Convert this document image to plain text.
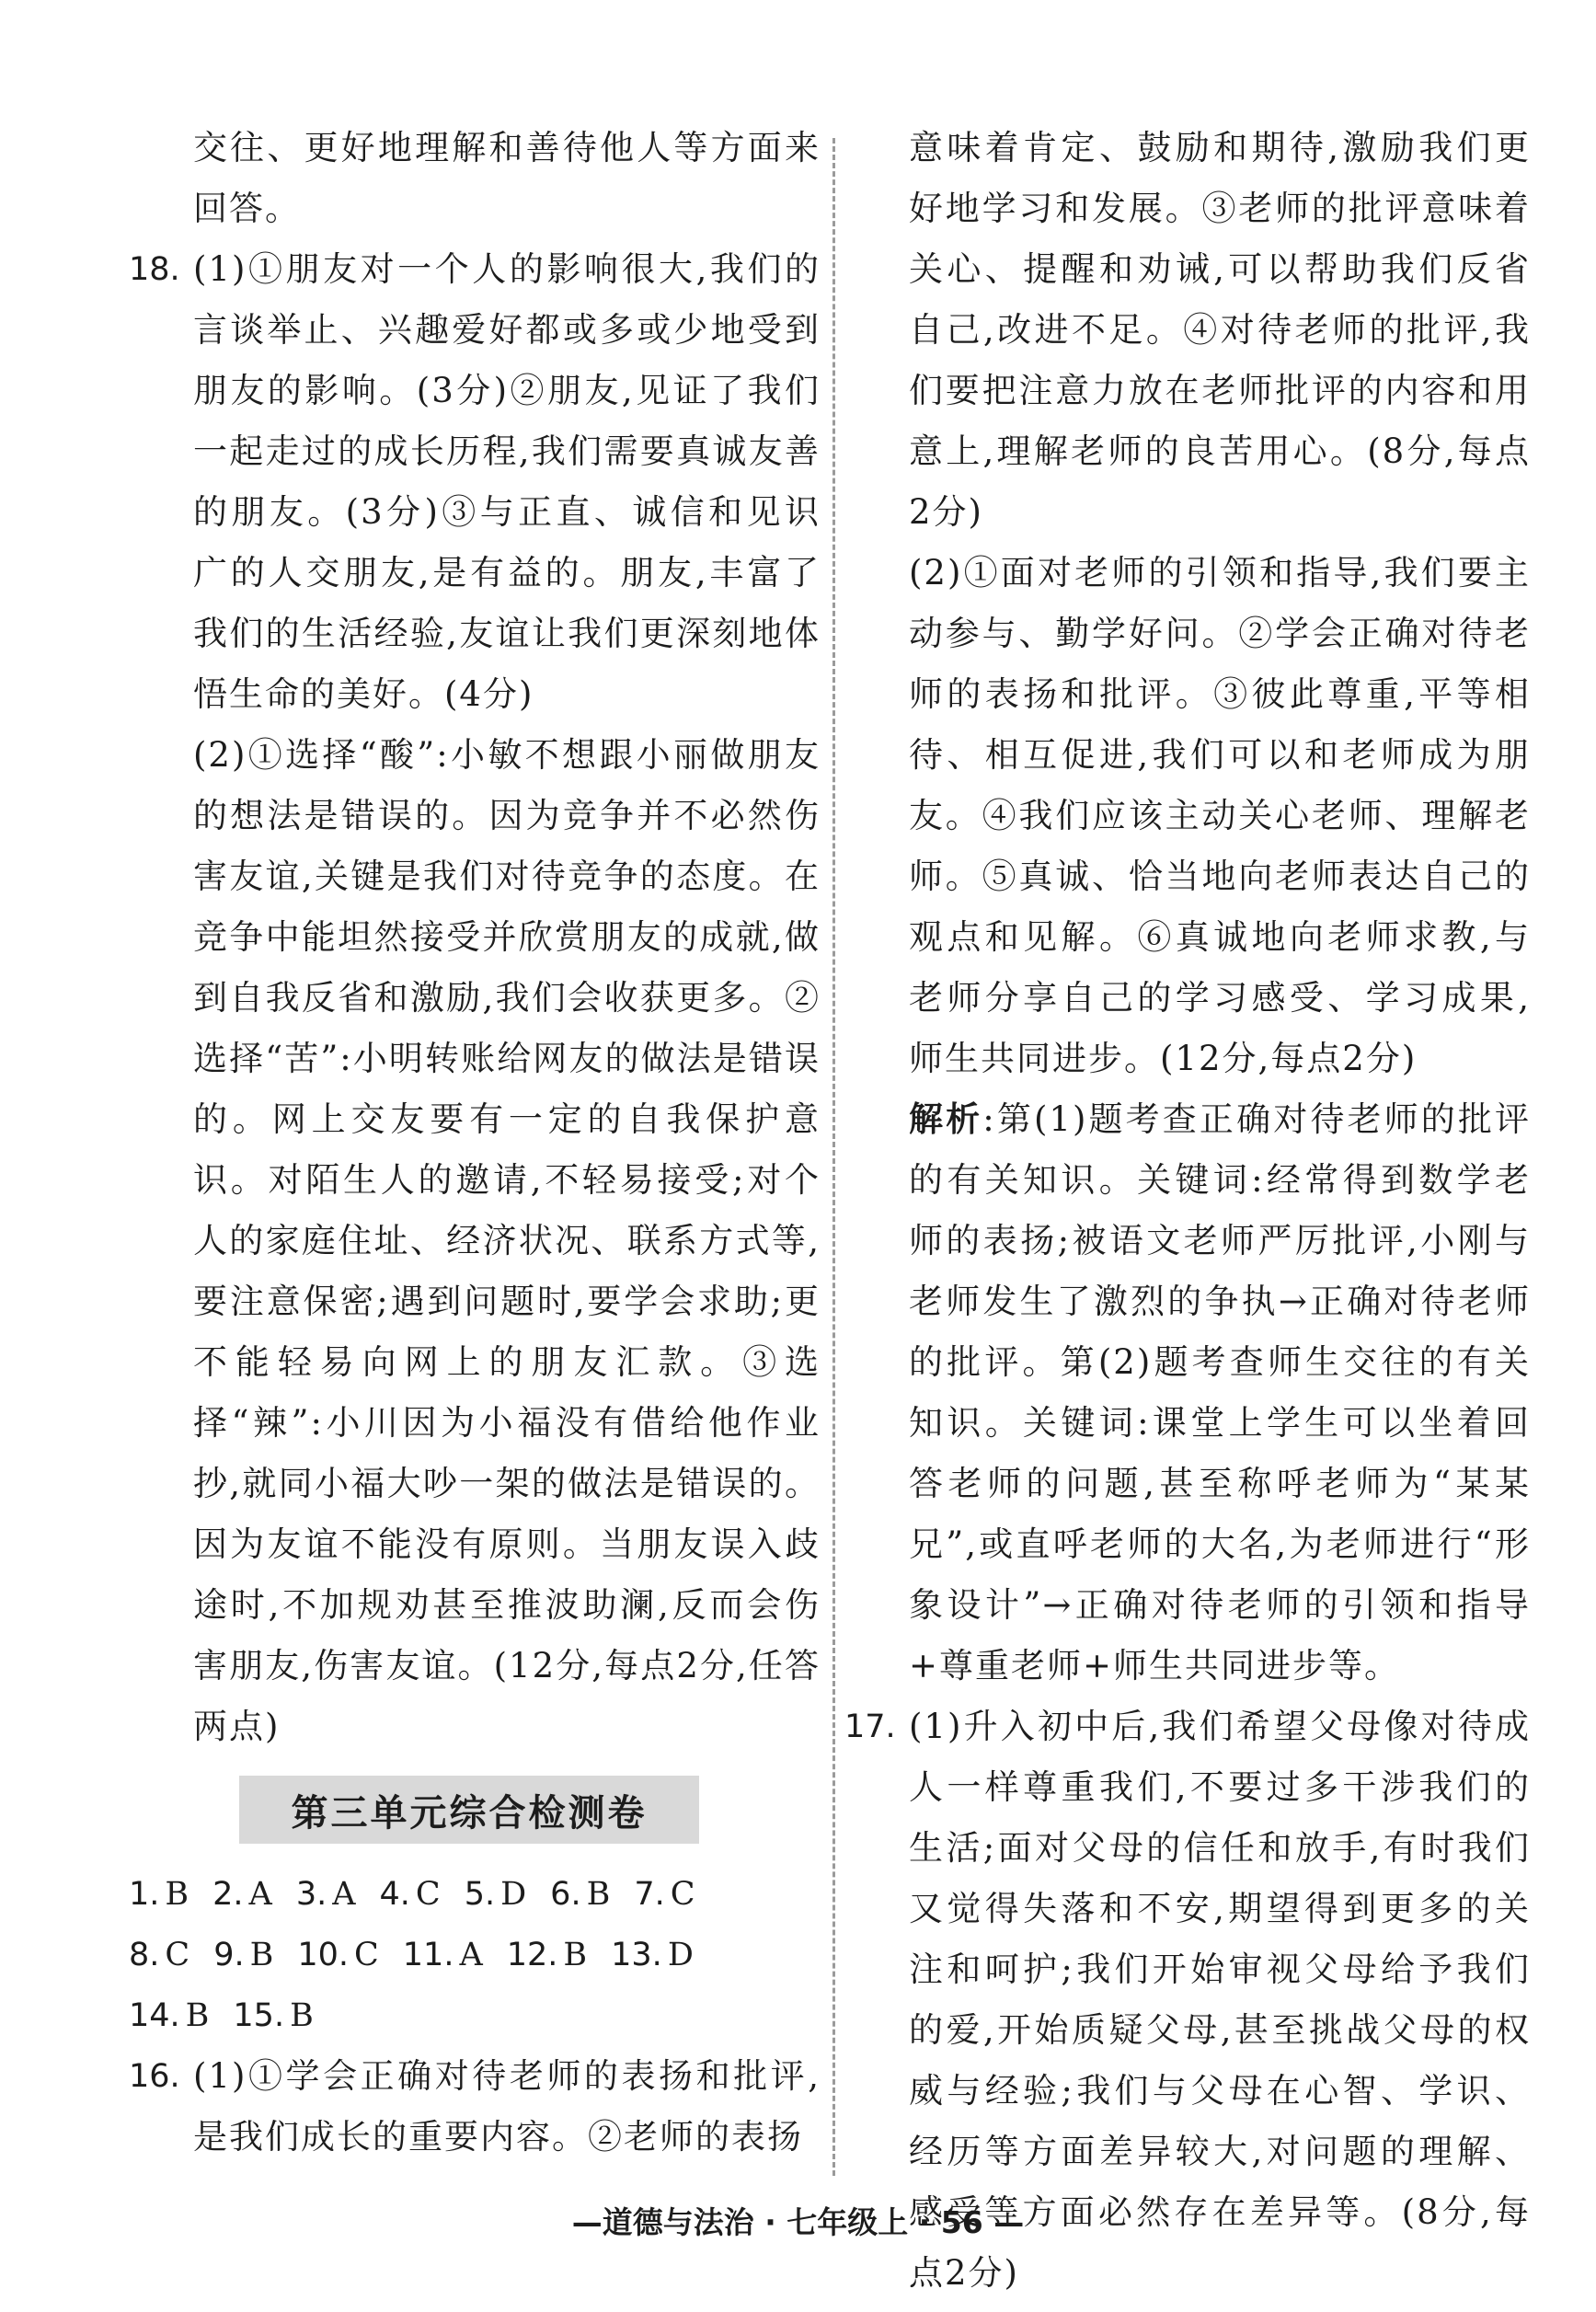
交往、更好地理解和善待他人等方面来回答。

18. (1)①朋友对一个人的影响很大,我们的言谈举止、兴趣爱好都或多或少地受到朋友的影响。(3分)②朋友,见证了我们一起走过的成长历程,我们需要真诚友善的朋友。(3分)③与正直、诚信和见识广的人交朋友,是有益的。朋友,丰富了我们的生活经验,友谊让我们更深刻地体悟生命的美好。(4分)

(2)①选择“酸”:小敏不想跟小丽做朋友的想法是错误的。因为竞争并不必然伤害友谊,关键是我们对待竞争的态度。在竞争中能坦然接受并欣赏朋友的成就,做到自我反省和激励,我们会收获更多。②选择“苦”:小明转账给网友的做法是错误的。网上交友要有一定的自我保护意识。对陌生人的邀请,不轻易接受;对个人的家庭住址、经济状况、联系方式等,要注意保密;遇到问题时,要学会求助;更不能轻易向网上的朋友汇款。③选择“辣”:小川因为小福没有借给他作业抄,就同小福大吵一架的做法是错误的。因为友谊不能没有原则。当朋友误入歧途时,不加规劝甚至推波助澜,反而会伤害朋友,伤害友谊。(12分,每点2分,任答两点)

第三单元综合检测卷
1. B 2. A 3. A 4. C 5. D 6. B 7. C
8. C 9. B 10. C 11. A 12. B 13. D
14. B 15. B
16. (1)①学会正确对待老师的表扬和批评,是我们成长的重要内容。②老师的表扬

意味着肯定、鼓励和期待,激励我们更好地学习和发展。③老师的批评意味着关心、提醒和劝诫,可以帮助我们反省自己,改进不足。④对待老师的批评,我们要把注意力放在老师批评的内容和用意上,理解老师的良苦用心。(8分,每点2分)

(2)①面对老师的引领和指导,我们要主动参与、勤学好问。②学会正确对待老师的表扬和批评。③彼此尊重,平等相待、相互促进,我们可以和老师成为朋友。④我们应该主动关心老师、理解老师。⑤真诚、恰当地向老师表达自己的观点和见解。⑥真诚地向老师求教,与老师分享自己的学习感受、学习成果,师生共同进步。(12分,每点2分)

解析:第(1)题考查正确对待老师的批评的有关知识。关键词:经常得到数学老师的表扬;被语文老师严厉批评,小刚与老师发生了激烈的争执→正确对待老师的批评。第(2)题考查师生交往的有关知识。关键词:课堂上学生可以坐着回答老师的问题,甚至称呼老师为“某某兄”,或直呼老师的大名,为老师进行“形象设计”→正确对待老师的引领和指导+尊重老师+师生共同进步等。

17. (1)升入初中后,我们希望父母像对待成人一样尊重我们,不要过多干涉我们的生活;面对父母的信任和放手,有时我们又觉得失落和不安,期望得到更多的关注和呵护;我们开始审视父母给予我们的爱,开始质疑父母,甚至挑战父母的权威与经验;我们与父母在心智、学识、经历等方面差异较大,对问题的理解、感受等方面必然存在差异等。(8分,每点2分)

—道德与法治 · 七年级上 · 56 —
